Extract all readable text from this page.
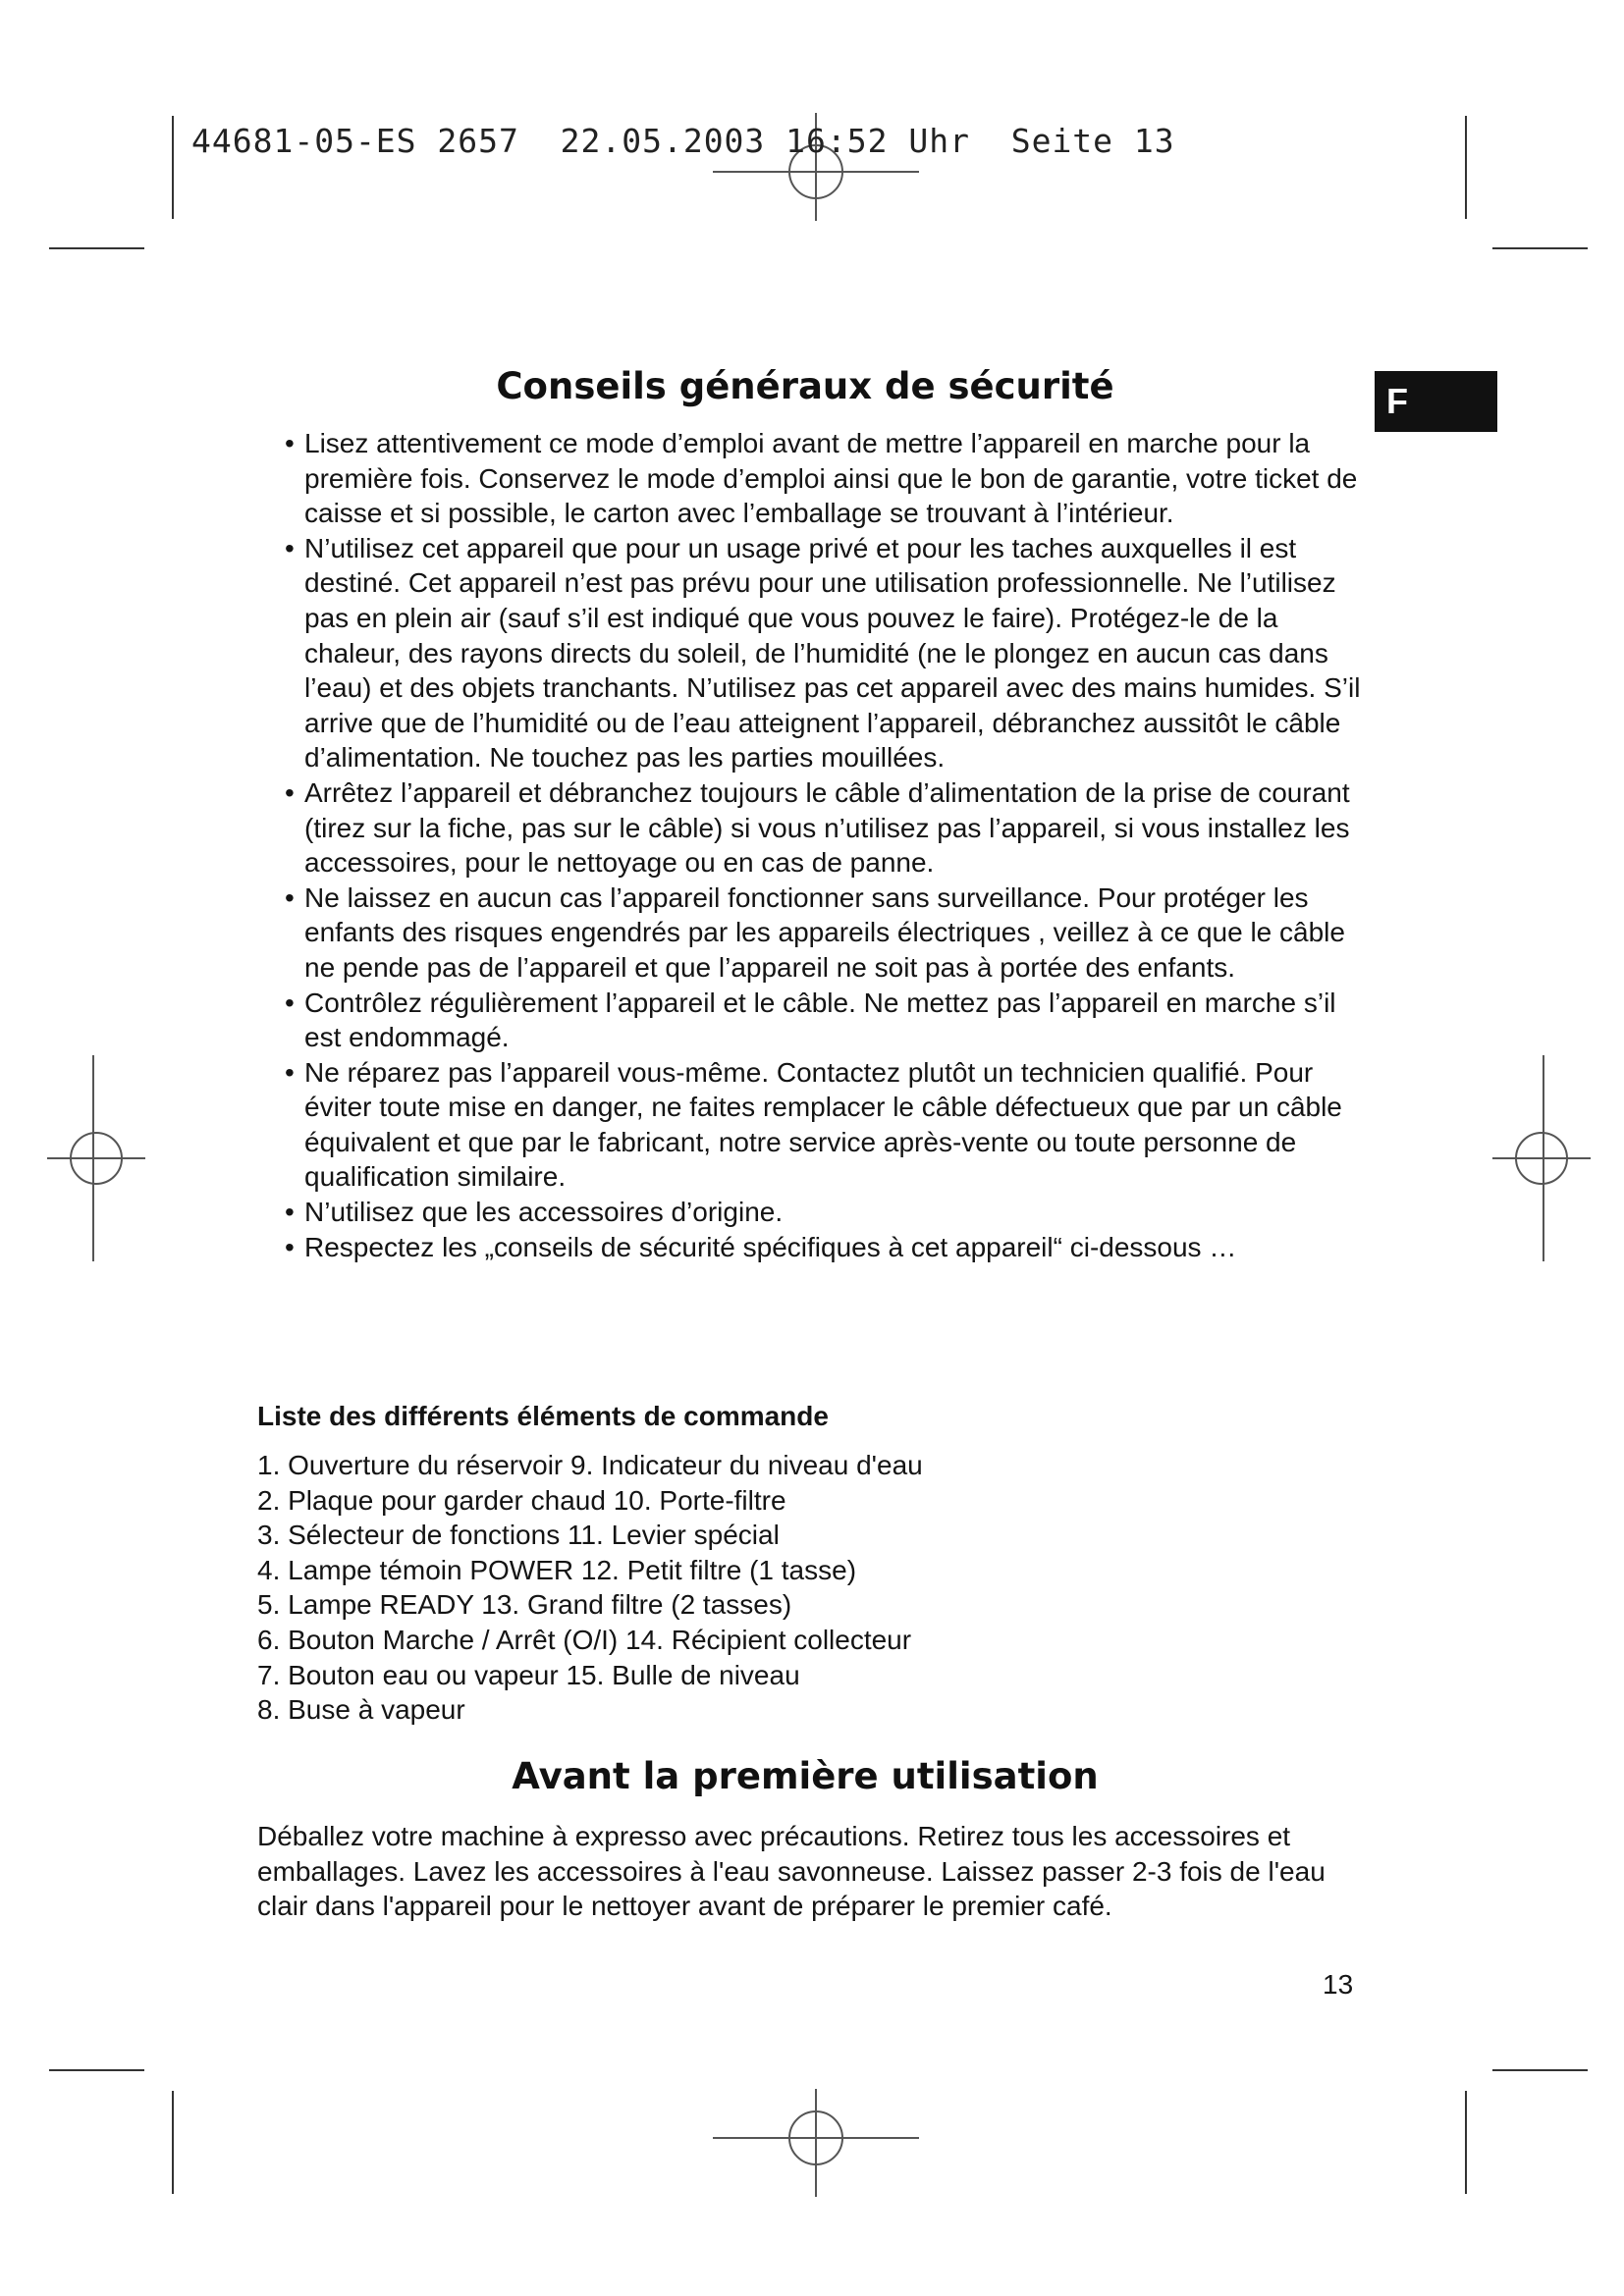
44681-05-ES 2657  22.05.2003 16:52 Uhr  Seite 13
F
Conseils généraux de sécurité
• Lisez attentivement ce mode d’emploi avant de mettre l’appareil en marche pour la première fois. Conservez le mode d’emploi ainsi que le bon de garantie, votre ticket de caisse et si possible, le carton avec l’emballage se trouvant à l’intérieur.
• N’utilisez cet appareil que pour un usage privé et pour les taches auxquelles il est destiné. Cet appareil n’est pas prévu pour une utilisation professionnelle. Ne l’utilisez pas en plein air (sauf s’il est indiqué que vous pouvez le faire). Protégez-le de la chaleur, des rayons directs du soleil, de l’humidité (ne le plongez en aucun cas dans l’eau) et des objets tranchants. N’utilisez pas cet appareil avec des mains humides. S’il arrive que de l’humidité ou de l’eau atteignent l’appareil, débranchez aussitôt le câble d’alimentation. Ne touchez pas les parties mouillées.
• Arrêtez l’appareil et débranchez toujours le câble d’alimentation de la prise de courant (tirez sur la fiche, pas sur le câble) si vous n’utilisez pas l’appareil, si vous installez les accessoires, pour le nettoyage ou en cas de panne.
• Ne laissez en aucun cas l’appareil fonctionner sans surveillance. Pour protéger les enfants des risques engendrés par les appareils électriques , veillez à ce que le câble ne pende pas de l’appareil et que l’appareil ne soit pas à portée des enfants.
• Contrôlez régulièrement l’appareil et le câble. Ne mettez pas l’appareil en marche s’il est endommagé.
• Ne réparez pas l’appareil vous-même. Contactez plutôt un technicien qualifié. Pour éviter toute mise en danger, ne faites remplacer le câble défectueux que par un câble équivalent et que par le fabricant, notre service après-vente ou toute personne de qualification similaire.
• N’utilisez que les accessoires d’origine.
• Respectez les „conseils de sécurité spécifiques à cet appareil“ ci-dessous …
Liste des différents éléments de commande
1. Ouverture du réservoir 9. Indicateur du niveau d'eau
2. Plaque pour garder chaud 10. Porte-filtre
3. Sélecteur de fonctions 11. Levier spécial
4. Lampe témoin POWER 12. Petit filtre (1 tasse)
5. Lampe READY 13. Grand filtre (2 tasses)
6. Bouton Marche / Arrêt (O/I) 14. Récipient collecteur
7. Bouton eau ou vapeur 15. Bulle de niveau
8. Buse à vapeur
Avant la première utilisation

Déballez votre machine à expresso avec précautions. Retirez tous les accessoires et emballages. Lavez les accessoires à l'eau savonneuse. Laissez passer 2-3 fois de l'eau clair dans l'appareil pour le nettoyer avant de préparer le premier café.

13
